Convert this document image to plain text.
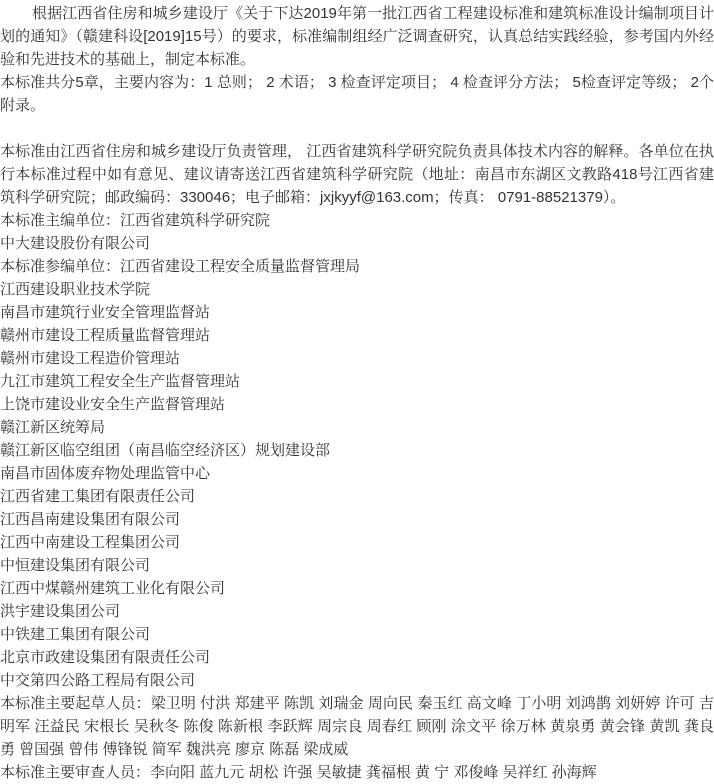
根据江西省住房和城乡建设厅《关于下达2019年第一批江西省工程建设标准和建筑标准设计编制项目计划的通知》（赣建科设[2019]15号）的要求，标准编制组经广泛调查研究，认真总结实践经验，参考国内外经验和先进技术的基础上，制定本标准。

本标准共分5章，主要内容为：1 总则； 2 术语； 3 检查评定项目； 4 检查评分方法； 5检查评定等级； 2个附录。

本标准由江西省住房和城乡建设厅负责管理， 江西省建筑科学研究院负责具体技术内容的解释。各单位在执行本标准过程中如有意见、建议请寄送江西省建筑科学研究院（地址：南昌市东湖区文教路418号江西省建筑科学研究院；邮政编码：330046；电子邮箱：jxjkyyf@163.com；传真： 0791-88521379）。

本标准主编单位：江西省建筑科学研究院

中大建设股份有限公司

本标准参编单位：江西省建设工程安全质量监督管理局

江西建设职业技术学院

南昌市建筑行业安全管理监督站

赣州市建设工程质量监督管理站

赣州市建设工程造价管理站

九江市建筑工程安全生产监督管理站

上饶市建设业安全生产监督管理站

赣江新区统筹局

赣江新区临空组团（南昌临空经济区）规划建设部

南昌市固体废弃物处理监管中心

江西省建工集团有限责任公司

江西昌南建设集团有限公司

江西中南建设工程集团公司

中恒建设集团有限公司

江西中煤赣州建筑工业化有限公司

洪宇建设集团公司

中铁建工集团有限公司

北京市政建设集团有限责任公司

中交第四公路工程局有限公司

本标准主要起草人员：梁卫明 付洪 郑建平 陈凯 刘瑞金 周向民 秦玉红 高文峰 丁小明 刘鸿鹊 刘妍婷 许可 吉明军 汪益民 宋根长 吴秋冬 陈俊 陈新根 李跃辉 周宗良 周春红 顾刚 涂文平 徐万林 黄泉勇 黄会锋 黄凯 龚良勇 曾国强 曾伟 傅锋锐 简军 魏洪亮 廖京 陈磊 梁成威

本标准主要审查人员：李向阳 蓝九元 胡松 许强 吴敏捷 龚福根 黄 宁 邓俊峰 吴祥红 孙海辉
